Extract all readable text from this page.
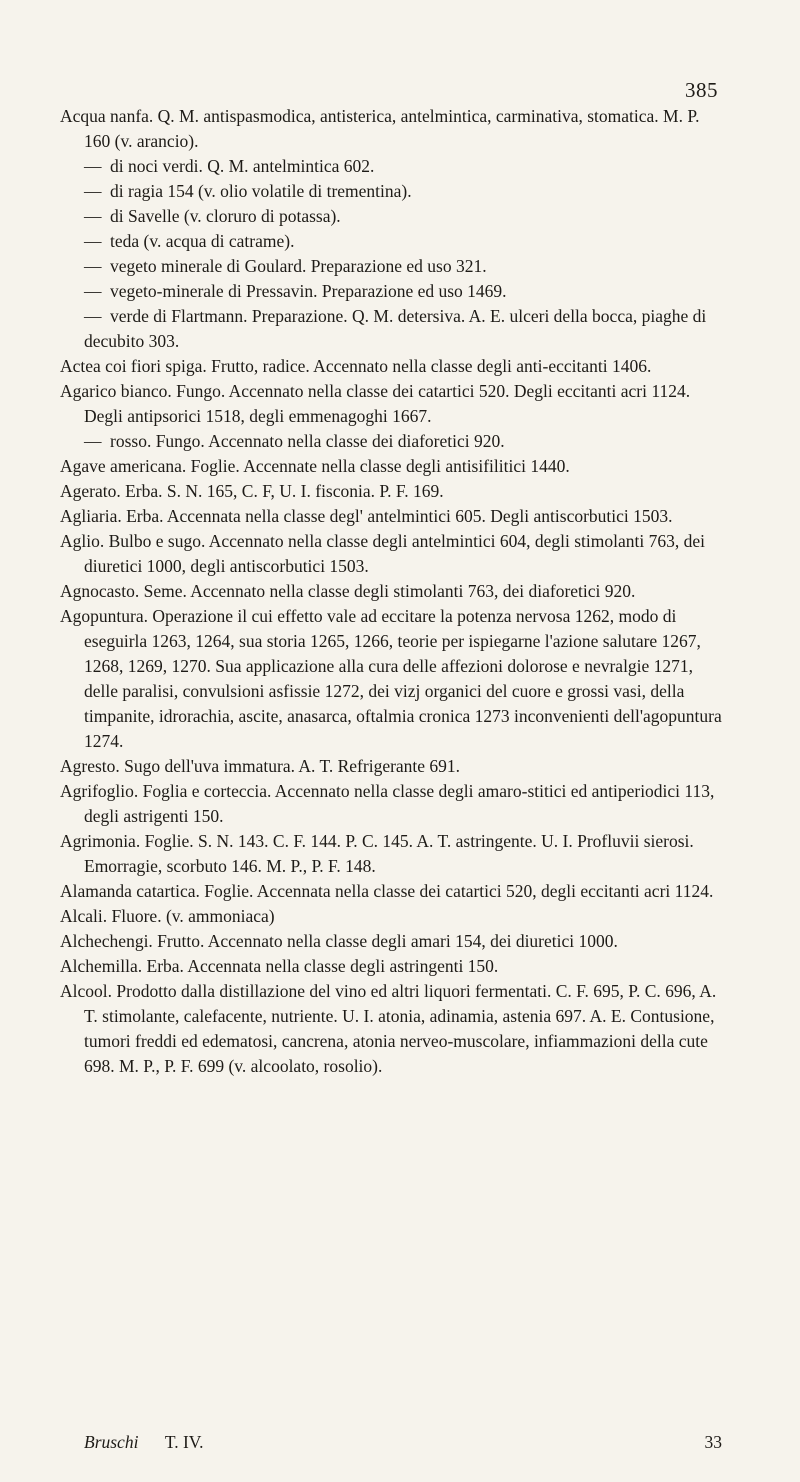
385

Acqua nanfa. Q. M. antispasmodica, antisterica, antelmintica, carminativa, stomatica. M. P. 160 (v. arancio).

— di noci verdi. Q. M. antelmintica 602.

— di ragia 154 (v. olio volatile di trementina).

— di Savelle (v. cloruro di potassa).

— teda (v. acqua di catrame).

— vegeto minerale di Goulard. Preparazione ed uso 321.

— vegeto-minerale di Pressavin. Preparazione ed uso 1469.

— verde di Flartmann. Preparazione. Q. M. detersiva. A. E. ulceri della bocca, piaghe di decubito 303.

Actea coi fiori spiga. Frutto, radice. Accennato nella classe degli anti-eccitanti 1406.

Agarico bianco. Fungo. Accennato nella classe dei catartici 520. Degli eccitanti acri 1124. Degli antipsorici 1518, degli emmenagoghi 1667.

— rosso. Fungo. Accennato nella classe dei diaforetici 920.

Agave americana. Foglie. Accennate nella classe degli antisifilitici 1440.

Agerato. Erba. S. N. 165, C. F, U. I. fisconia. P. F. 169.

Agliaria. Erba. Accennata nella classe degl' antelmintici 605. Degli antiscorbutici 1503.

Aglio. Bulbo e sugo. Accennato nella classe degli antelmintici 604, degli stimolanti 763, dei diuretici 1000, degli antiscorbutici 1503.

Agnocasto. Seme. Accennato nella classe degli stimolanti 763, dei diaforetici 920.

Agopuntura. Operazione il cui effetto vale ad eccitare la potenza nervosa 1262, modo di eseguirla 1263, 1264, sua storia 1265, 1266, teorie per ispiegarne l'azione salutare 1267, 1268, 1269, 1270. Sua applicazione alla cura delle affezioni dolorose e nevralgie 1271, delle paralisi, convulsioni asfissie 1272, dei vizj organici del cuore e grossi vasi, della timpanite, idrorachia, ascite, anasarca, oftalmia cronica 1273 inconvenienti dell'agopuntura 1274.

Agresto. Sugo dell'uva immatura. A. T. Refrigerante 691.

Agrifoglio. Foglia e corteccia. Accennato nella classe degli amaro-stitici ed antiperiodici 113, degli astrigenti 150.

Agrimonia. Foglie. S. N. 143. C. F. 144. P. C. 145. A. T. astringente. U. I. Profluvii sierosi. Emorragie, scorbuto 146. M. P., P. F. 148.

Alamanda catartica. Foglie. Accennata nella classe dei catartici 520, degli eccitanti acri 1124.

Alcali. Fluore. (v. ammoniaca)

Alchechengi. Frutto. Accennato nella classe degli amari 154, dei diuretici 1000.

Alchemilla. Erba. Accennata nella classe degli astringenti 150.

Alcool. Prodotto dalla distillazione del vino ed altri liquori fermentati. C. F. 695, P. C. 696, A. T. stimolante, calefacente, nutriente. U. I. atonia, adinamia, astenia 697. A. E. Contusione, tumori freddi ed edematosi, cancrena, atonia nerveo-muscolare, infiammazioni della cute 698. M. P., P. F. 699 (v. alcoolato, rosolio).

Bruschi T. IV.	33
